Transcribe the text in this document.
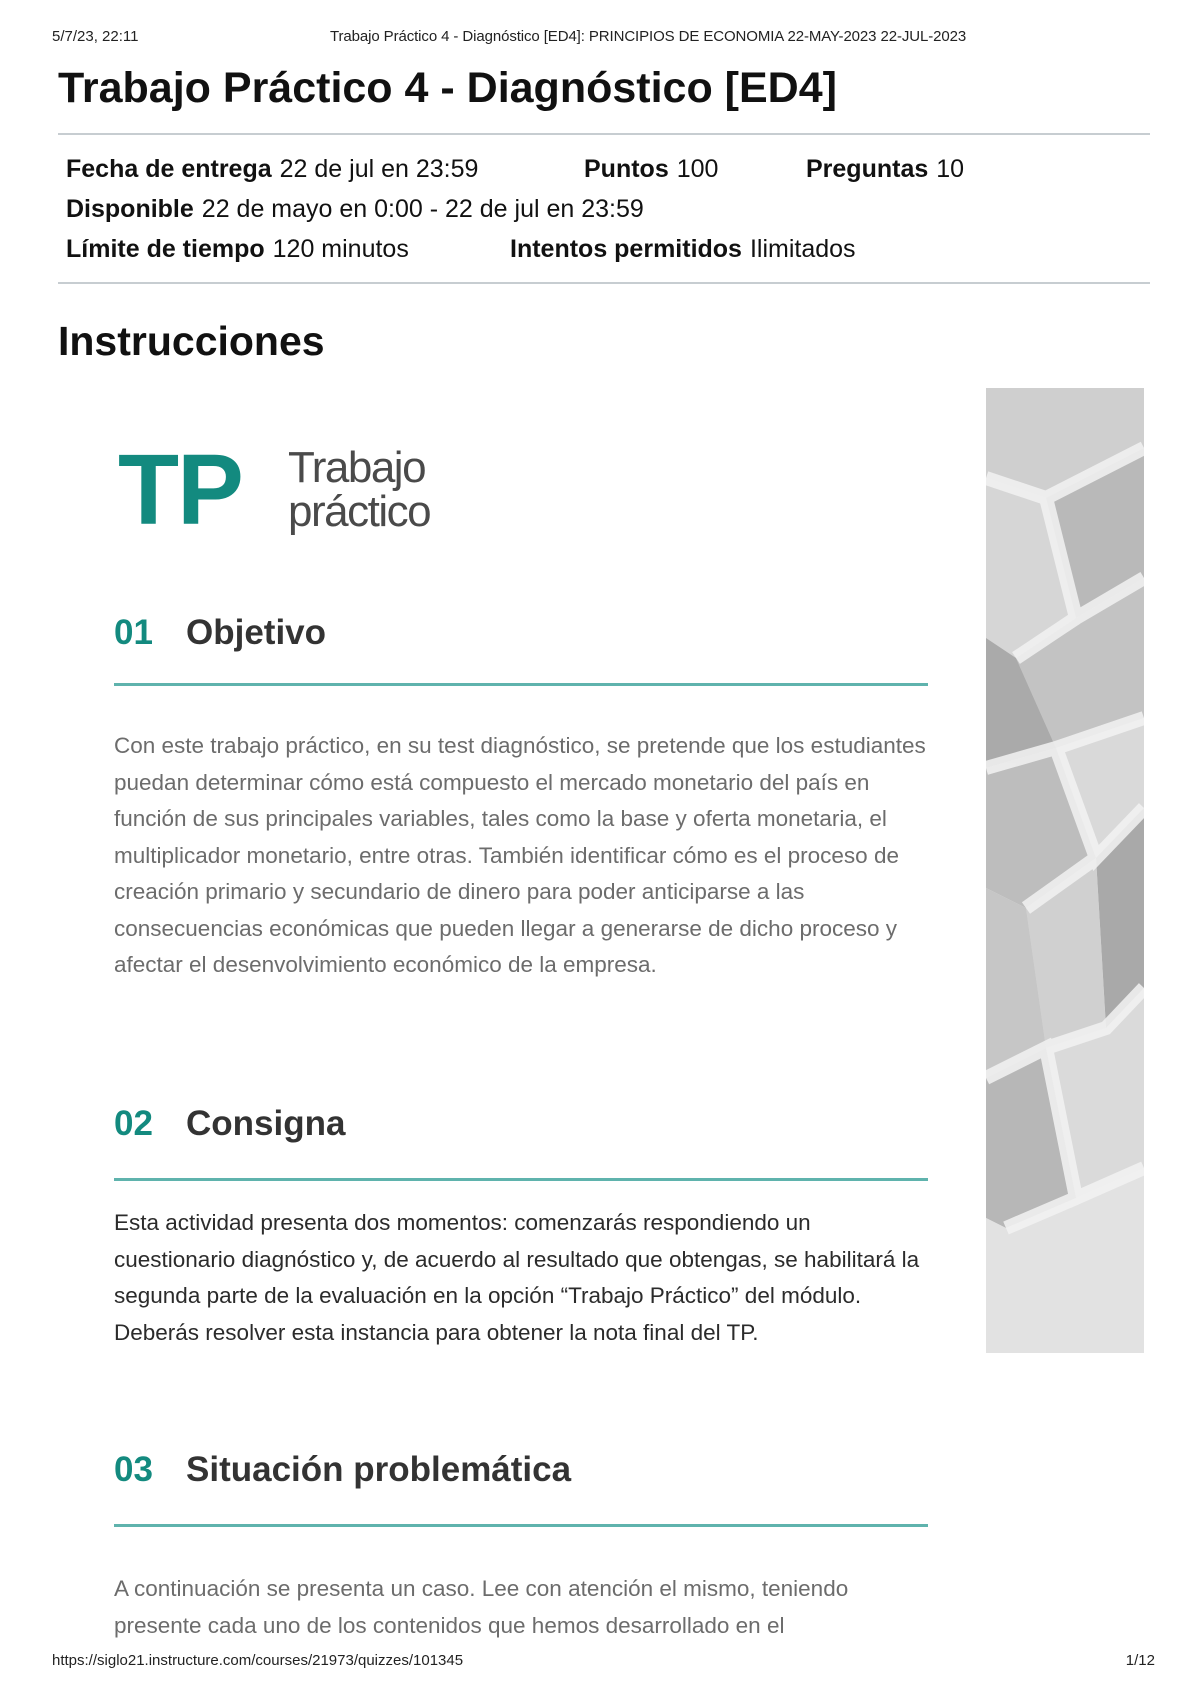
5/7/23, 22:11	Trabajo Práctico 4 - Diagnóstico [ED4]: PRINCIPIOS DE ECONOMIA 22-MAY-2023 22-JUL-2023
Trabajo Práctico 4 - Diagnóstico [ED4]
Fecha de entrega 22 de jul en 23:59	Puntos 100	Preguntas 10
Disponible 22 de mayo en 0:00 - 22 de jul en 23:59
Límite de tiempo 120 minutos	Intentos permitidos Ilimitados
Instrucciones
TP Trabajo
práctico
01 Objetivo

Con este trabajo práctico, en su test diagnóstico, se pretende que los estudiantes puedan determinar cómo está compuesto el mercado monetario del país en función de sus principales variables, tales como la base y oferta monetaria, el multiplicador monetario, entre otras. También identificar cómo es el proceso de creación primario y secundario de dinero para poder anticiparse a las consecuencias económicas que pueden llegar a generarse de dicho proceso y afectar el desenvolvimiento económico de la empresa.

02 Consigna

Esta actividad presenta dos momentos: comenzarás respondiendo un cuestionario diagnóstico y, de acuerdo al resultado que obtengas, se habilitará la segunda parte de la evaluación en la opción “Trabajo Práctico” del módulo. Deberás resolver esta instancia para obtener la nota final del TP.

03 Situación problemática

A continuación se presenta un caso. Lee con atención el mismo, teniendo presente cada uno de los contenidos que hemos desarrollado en el

https://siglo21.instructure.com/courses/21973/quizzes/101345	1/12
